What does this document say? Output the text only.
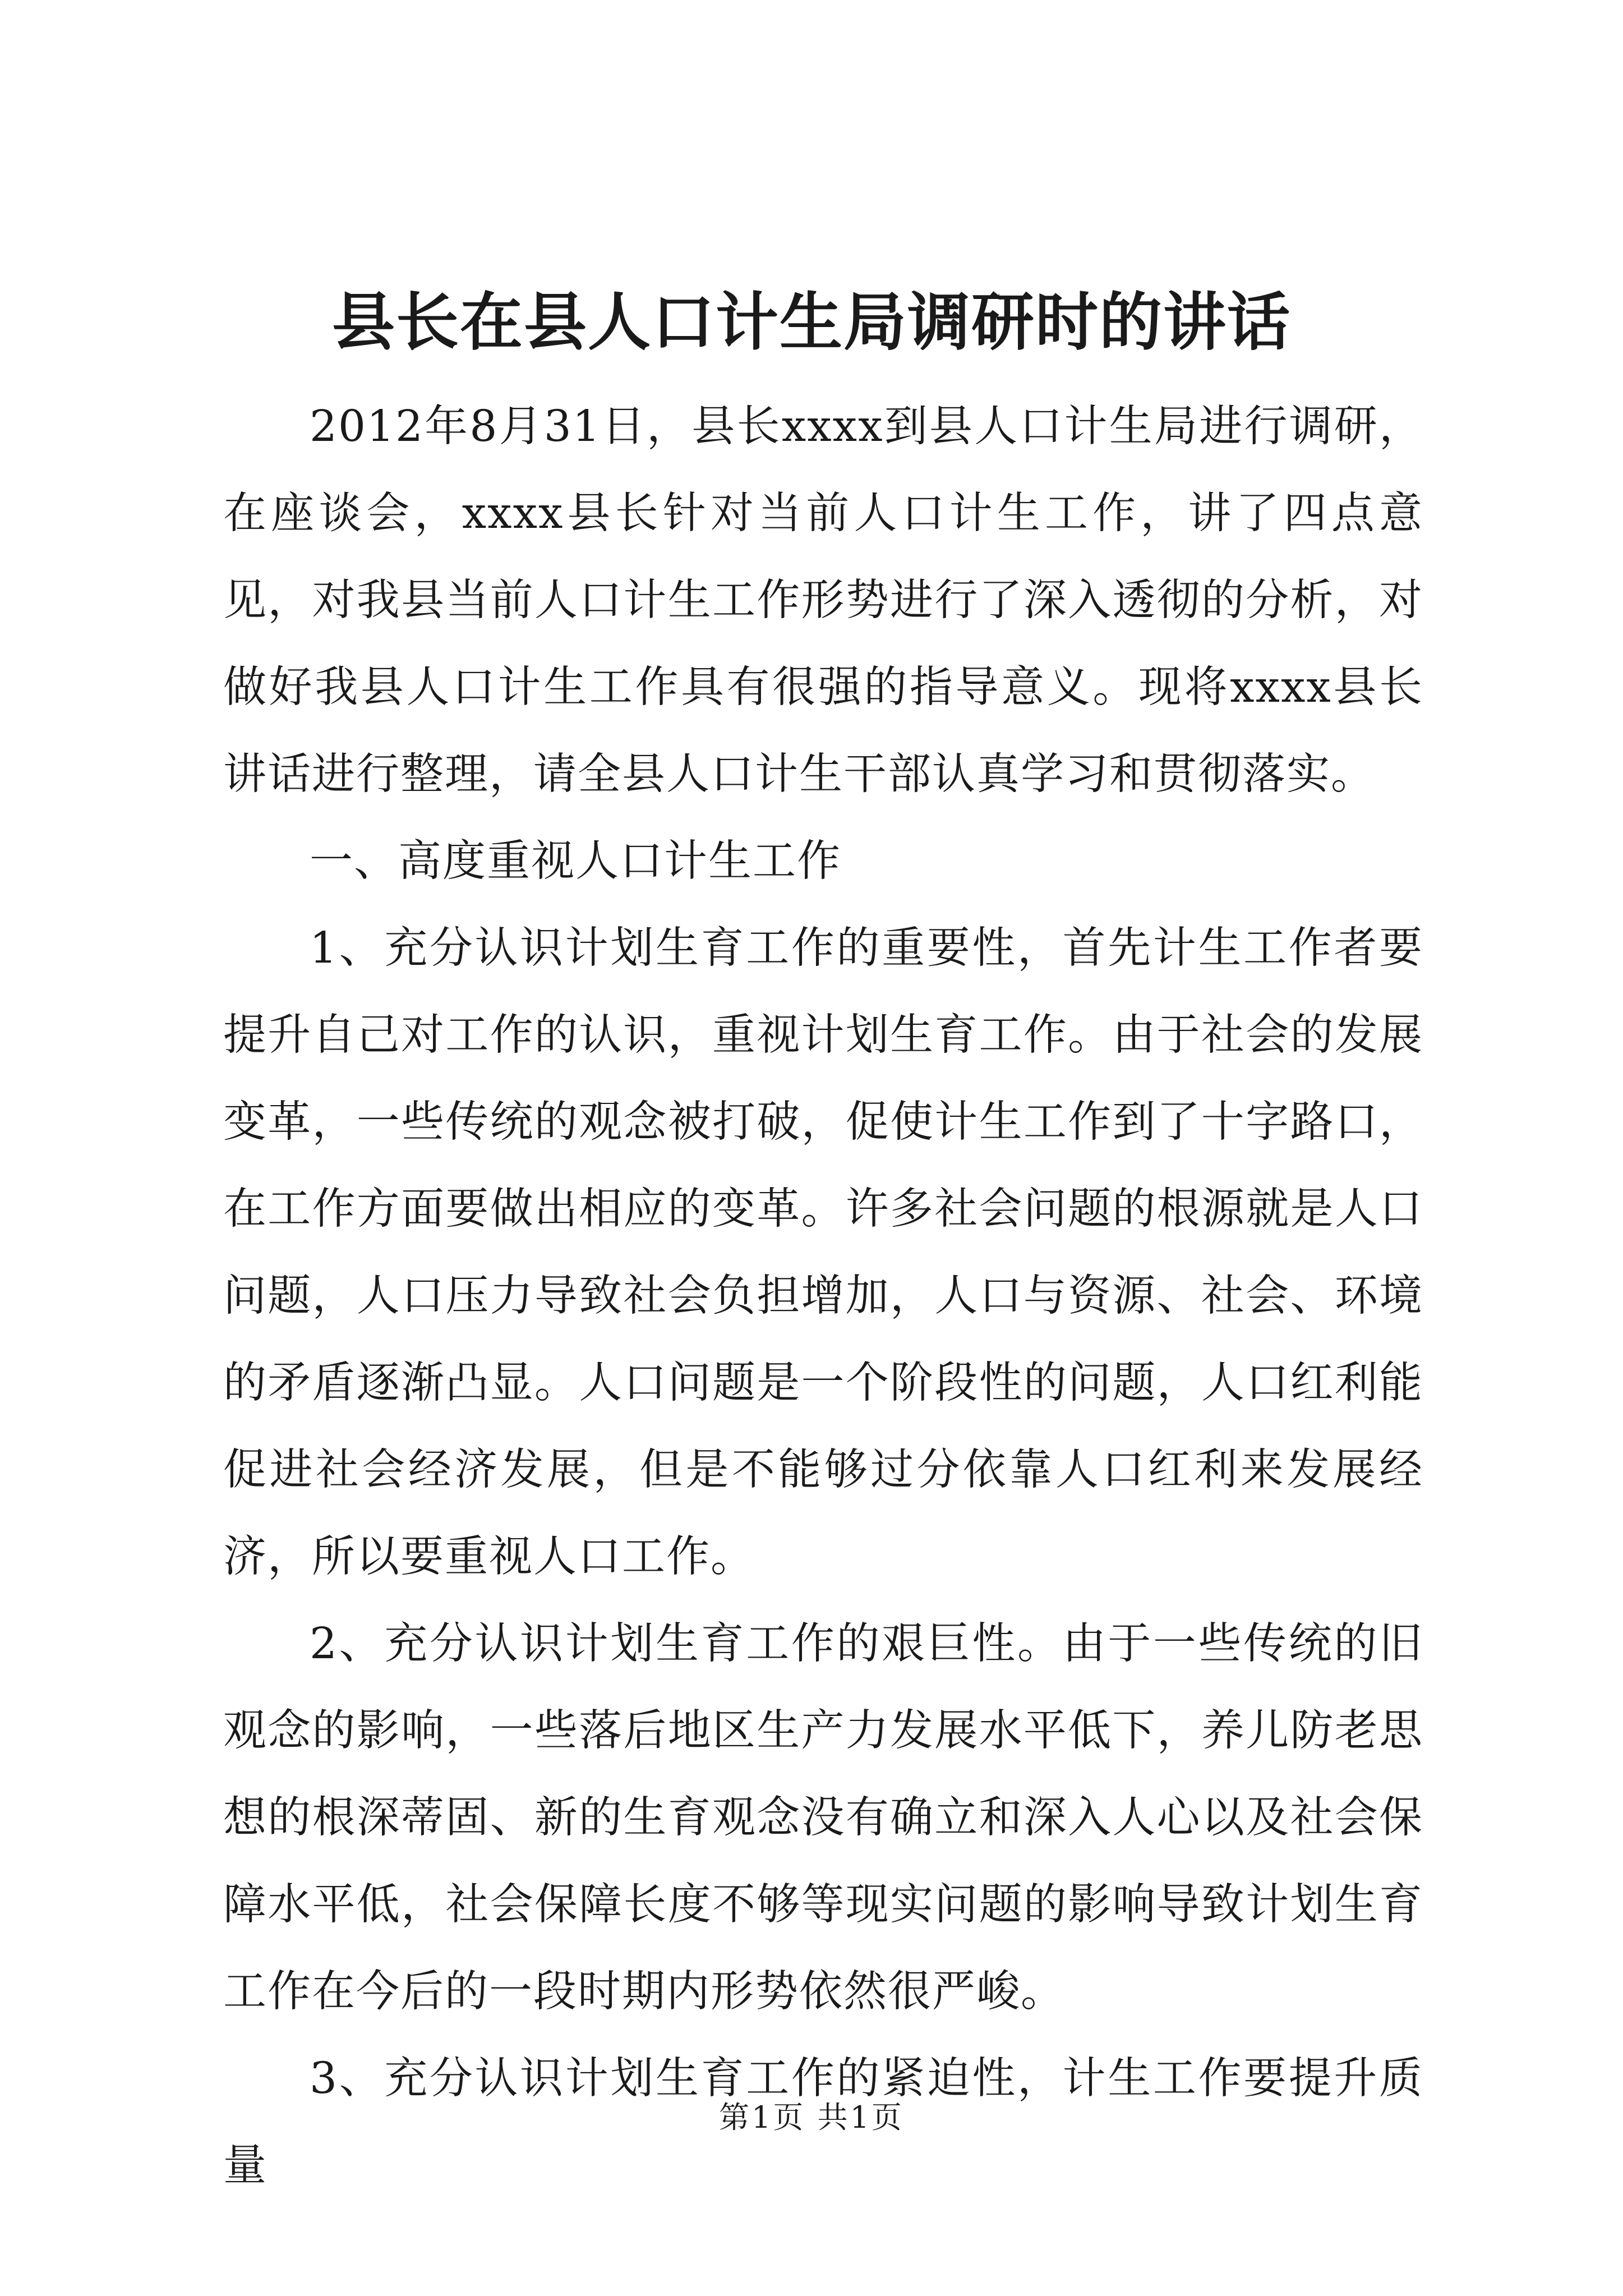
县长在县人口计生局调研时的讲话

2012年8月31日，县长xxxx到县人口计生局进行调研，在座谈会，xxxx县长针对当前人口计生工作，讲了四点意见，对我县当前人口计生工作形势进行了深入透彻的分析，对做好我县人口计生工作具有很强的指导意义。现将xxxx县长讲话进行整理，请全县人口计生干部认真学习和贯彻落实。

一、高度重视人口计生工作

1、充分认识计划生育工作的重要性，首先计生工作者要提升自己对工作的认识，重视计划生育工作。由于社会的发展变革，一些传统的观念被打破，促使计生工作到了十字路口，在工作方面要做出相应的变革。许多社会问题的根源就是人口问题，人口压力导致社会负担增加，人口与资源、社会、环境的矛盾逐渐凸显。人口问题是一个阶段性的问题，人口红利能促进社会经济发展，但是不能够过分依靠人口红利来发展经济，所以要重视人口工作。

2、充分认识计划生育工作的艰巨性。由于一些传统的旧观念的影响，一些落后地区生产力发展水平低下，养儿防老思想的根深蒂固、新的生育观念没有确立和深入人心以及社会保障水平低，社会保障长度不够等现实问题的影响导致计划生育工作在今后的一段时期内形势依然很严峻。

3、充分认识计划生育工作的紧迫性，计生工作要提升质量

第1页 共1页
